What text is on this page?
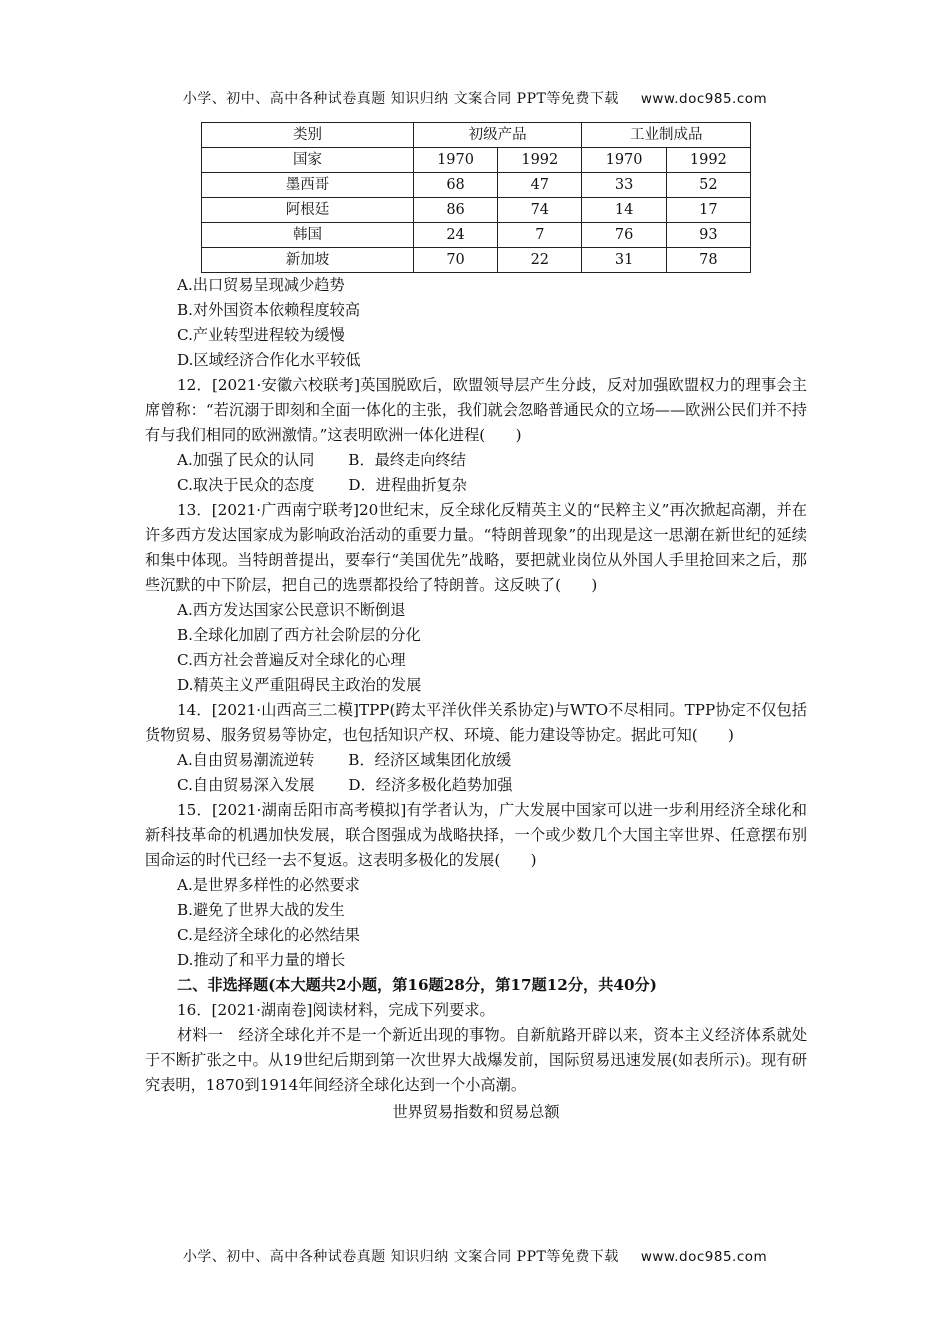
小学、初中、高中各种试卷真题 知识归纳 文案合同 PPT等免费下载 www.doc985.com
类别	初级产品		工业制成品	
国家	1970	1992	1970	1992
墨西哥	68	47	33	52
阿根廷	86	74	14	17
韩国	24	7	76	93
新加坡	70	22	31	78

A.出口贸易呈现减少趋势

B.对外国资本依赖程度较高

C.产业转型进程较为缓慢

D.区域经济合作化水平较低

12．[2021·安徽六校联考]英国脱欧后，欧盟领导层产生分歧，反对加强欧盟权力的理事会主席曾称：“若沉溺于即刻和全面一体化的主张，我们就会忽略普通民众的立场——欧洲公民们并不持有与我们相同的欧洲激情。”这表明欧洲一体化进程(　　)

A.加强了民众的认同 B．最终走向终结

C.取决于民众的态度 D．进程曲折复杂

13．[2021·广西南宁联考]20世纪末，反全球化反精英主义的“民粹主义”再次掀起高潮，并在许多西方发达国家成为影响政治活动的重要力量。“特朗普现象”的出现是这一思潮在新世纪的延续和集中体现。当特朗普提出，要奉行“美国优先”战略，要把就业岗位从外国人手里抢回来之后，那些沉默的中下阶层，把自己的选票都投给了特朗普。这反映了(　　)

A.西方发达国家公民意识不断倒退

B.全球化加剧了西方社会阶层的分化

C.西方社会普遍反对全球化的心理

D.精英主义严重阻碍民主政治的发展

14．[2021·山西高三二模]TPP(跨太平洋伙伴关系协定)与WTO不尽相同。TPP协定不仅包括货物贸易、服务贸易等协定，也包括知识产权、环境、能力建设等协定。据此可知(　　)

A.自由贸易潮流逆转 B．经济区域集团化放缓

C.自由贸易深入发展 D．经济多极化趋势加强

15．[2021·湖南岳阳市高考模拟]有学者认为，广大发展中国家可以进一步利用经济全球化和新科技革命的机遇加快发展，联合图强成为战略抉择，一个或少数几个大国主宰世界、任意摆布别国命运的时代已经一去不复返。这表明多极化的发展(　　)

A.是世界多样性的必然要求

B.避免了世界大战的发生

C.是经济全球化的必然结果

D.推动了和平力量的增长

二、非选择题(本大题共2小题，第16题28分，第17题12分，共40分)

16．[2021·湖南卷]阅读材料，完成下列要求。

材料一　经济全球化并不是一个新近出现的事物。自新航路开辟以来，资本主义经济体系就处于不断扩张之中。从19世纪后期到第一次世界大战爆发前，国际贸易迅速发展(如表所示)。现有研究表明，1870到1914年间经济全球化达到一个小高潮。

世界贸易指数和贸易总额

小学、初中、高中各种试卷真题 知识归纳 文案合同 PPT等免费下载 www.doc985.com
